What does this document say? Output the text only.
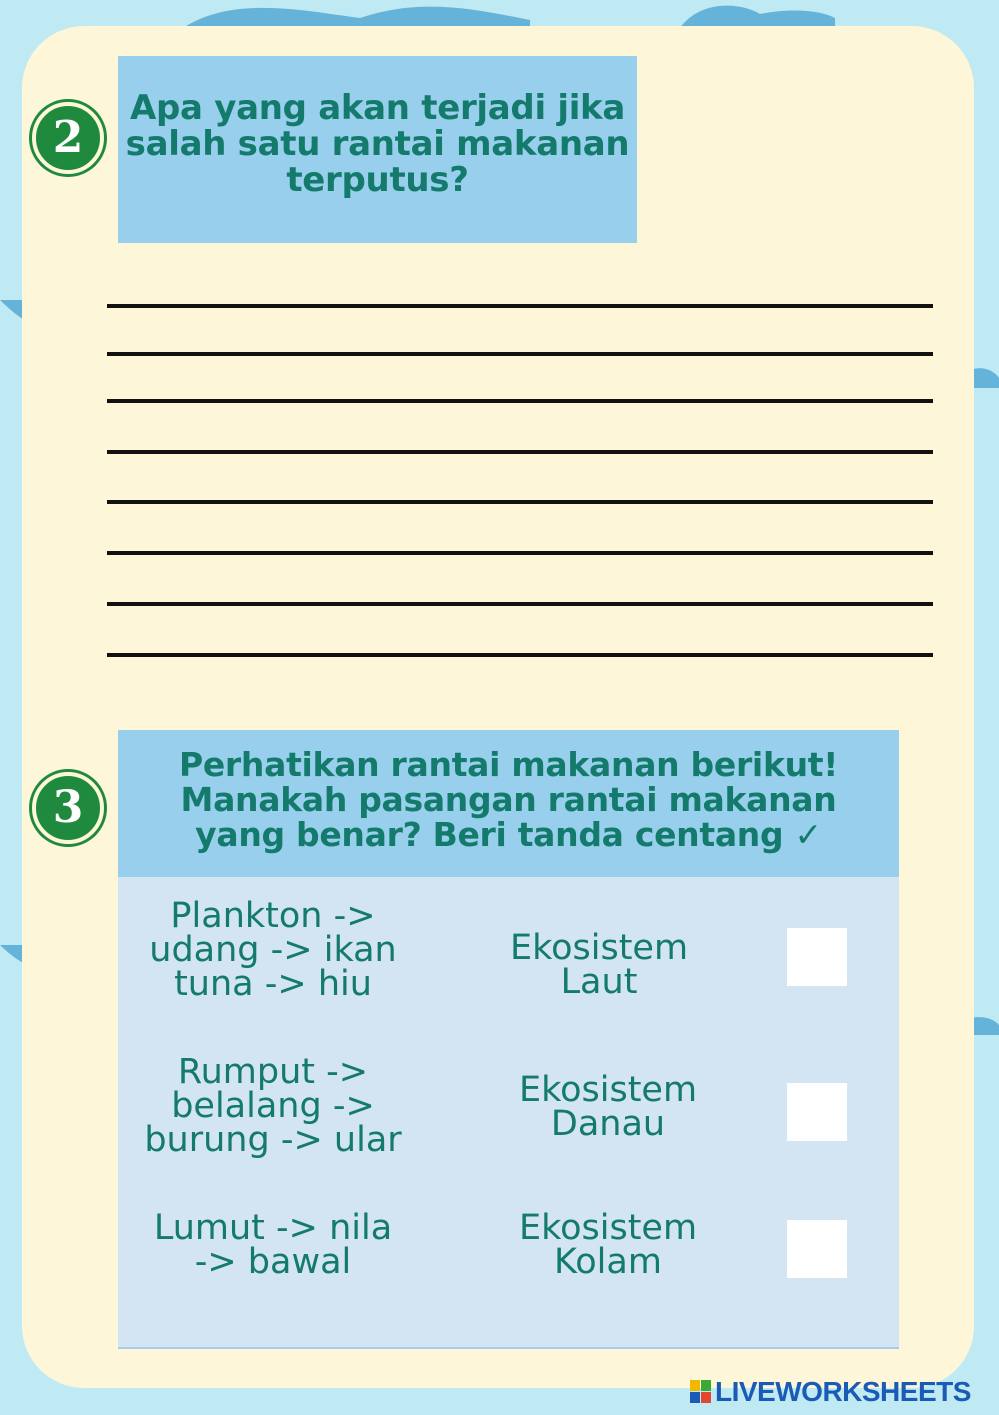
2

Apa yang akan terjadi jika

salah satu rantai makanan

terputus?

3

Perhatikan rantai makanan berikut!

Manakah pasangan rantai makanan

yang benar? Beri tanda centang ✓

Plankton ->
udang -> ikan
tuna -> hiu
Ekosistem
Laut
Rumput ->
belalang ->
burung -> ular
Ekosistem
Danau
Lumut -> nila
-> bawal
Ekosistem
Kolam
LIVEWORKSHEETS
